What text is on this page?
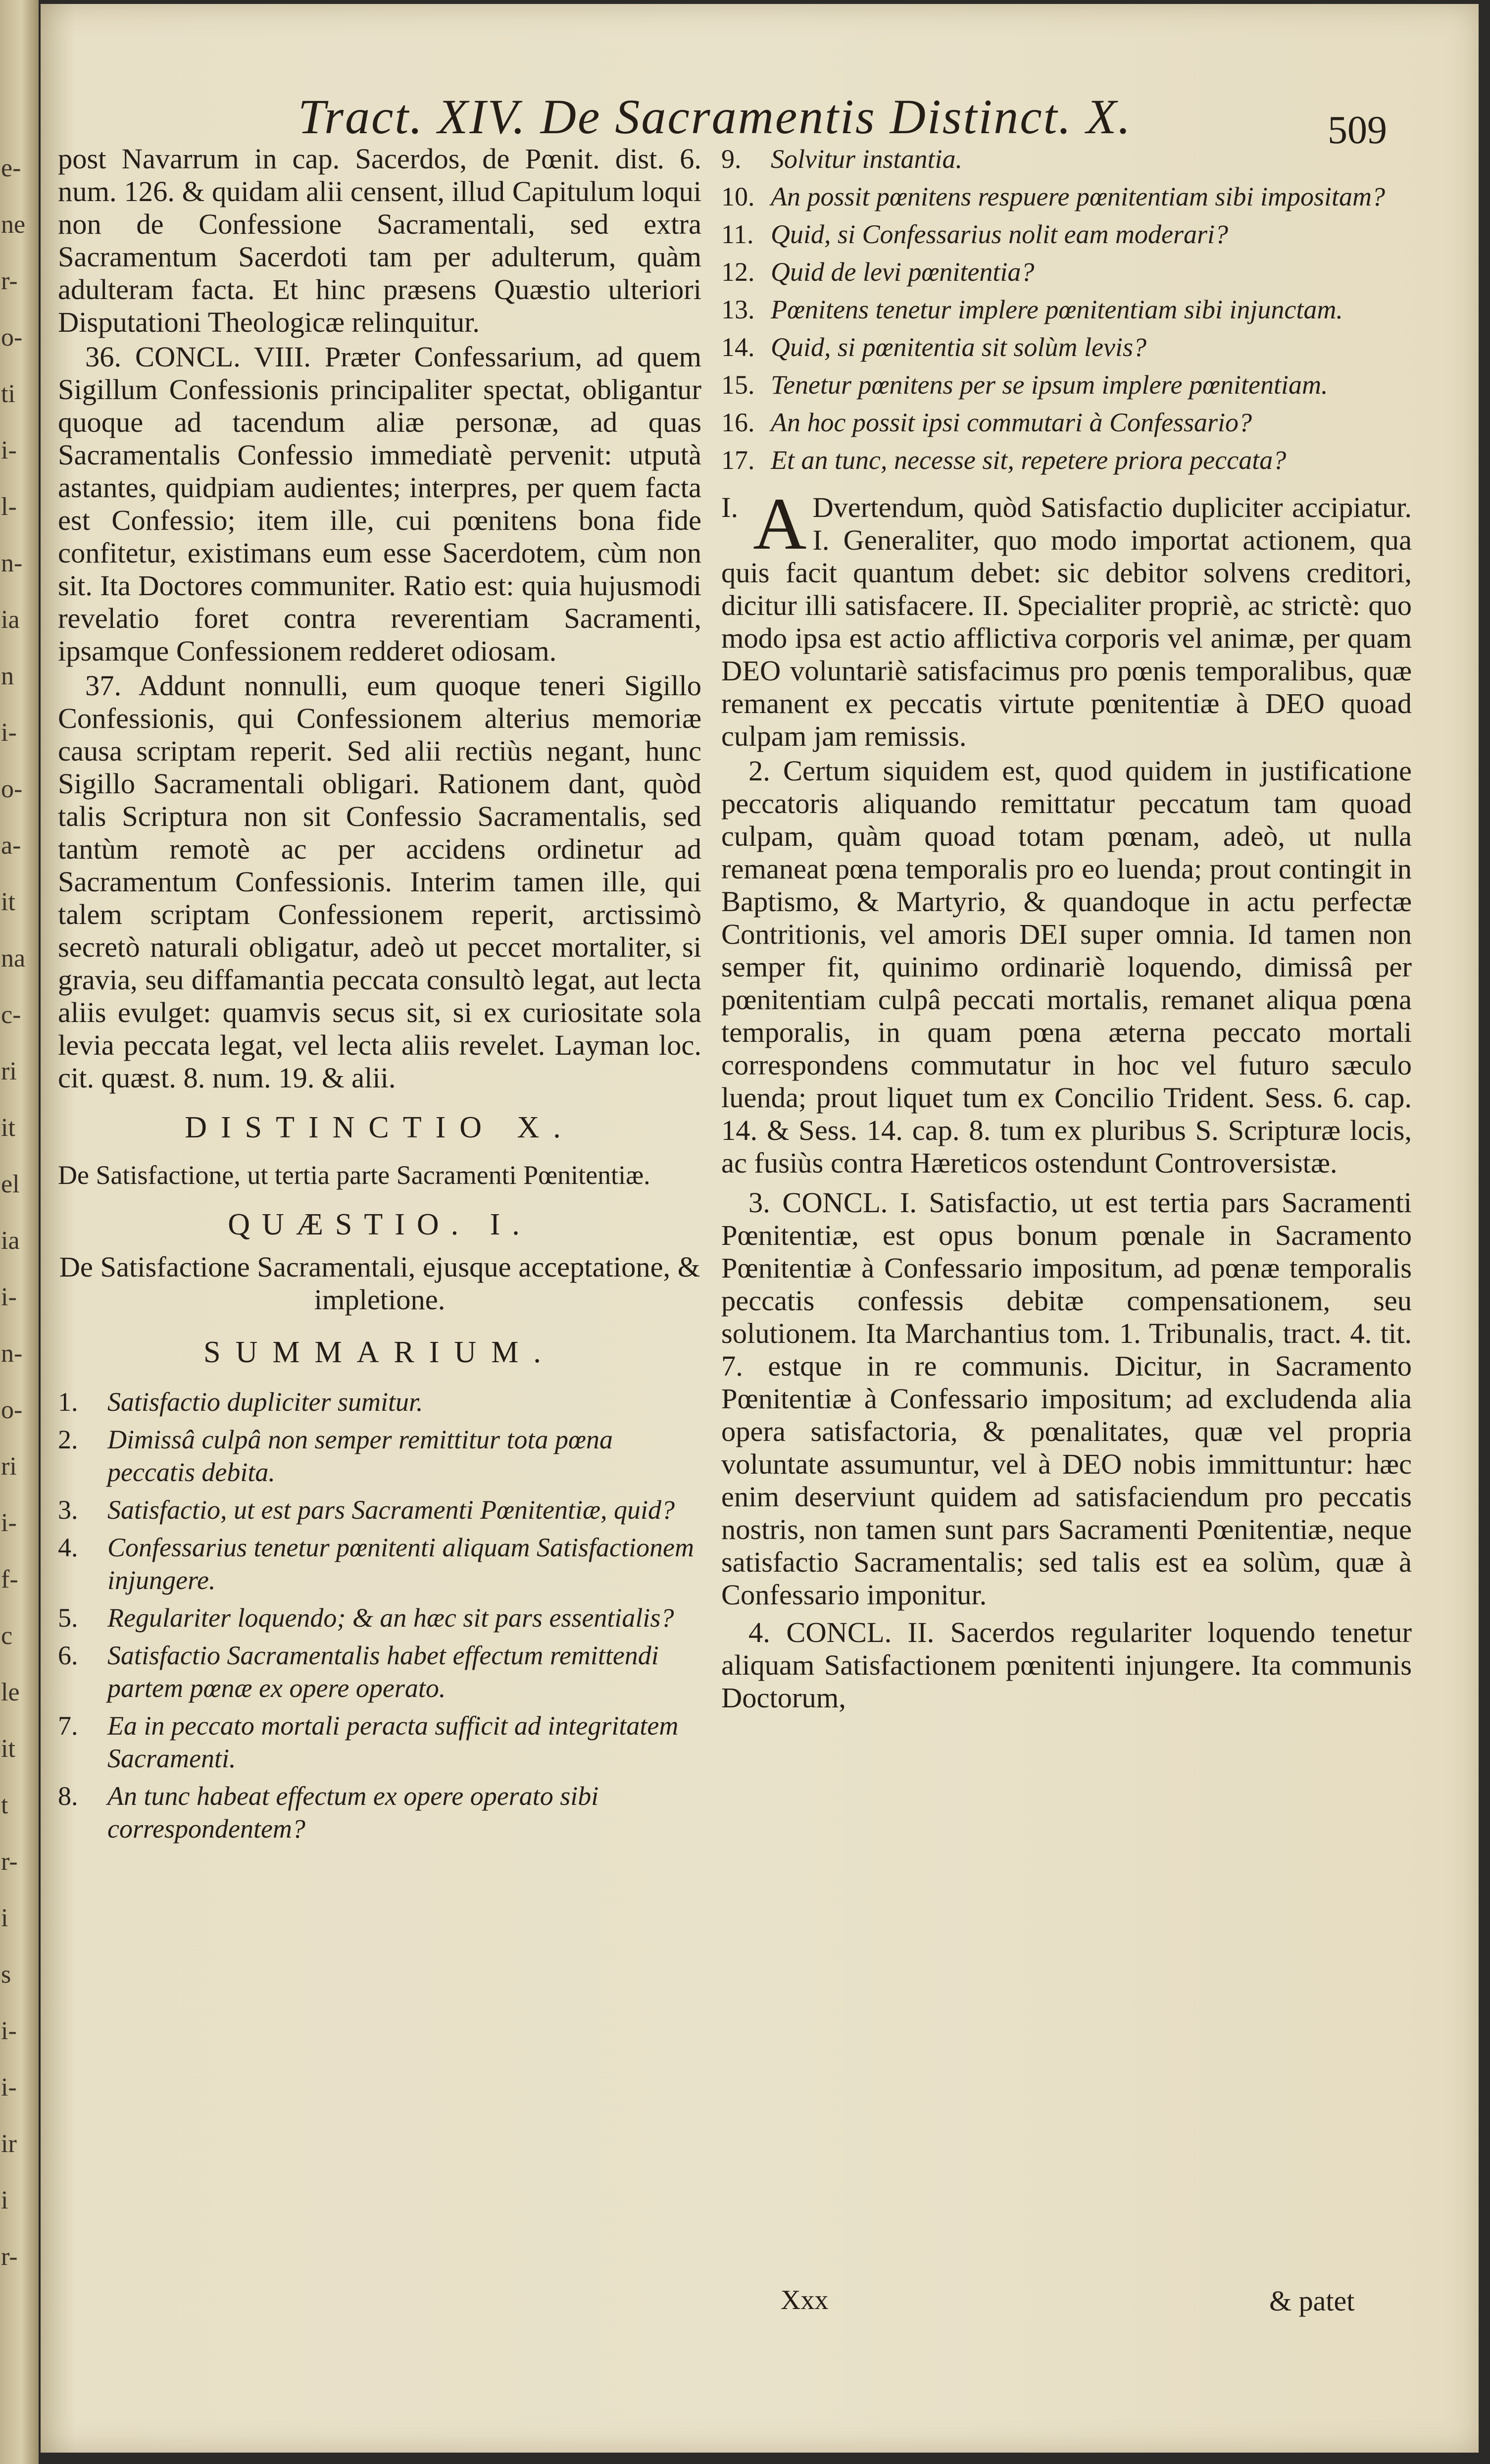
e-
ne
r-
o-
ti
i-
l-
n-
ia
n
i-
o-
a-
it
na
c-
ri
it
el
ia
i-
n-
o-
ri
i-
f-
c
le
it
t
r-
i
s
i-
i-
ir
i
r-
Tract. XIV. De Sacramentis Distinct. X.	509

post Navarrum in cap. Sacerdos, de Pœnit. dist. 6. num. 126. & quidam alii censent, illud Capitulum loqui non de Confessione Sacramentali, sed extra Sacramentum Sacerdoti tam per adulterum, quàm adulteram facta. Et hinc præsens Quæstio ulteriori Disputationi Theologicæ relinquitur.

36. CONCL. VIII. Præter Confessarium, ad quem Sigillum Confessionis principaliter spectat, obligantur quoque ad tacendum aliæ personæ, ad quas Sacramentalis Confessio immediatè pervenit: utputà astantes, quidpiam audientes; interpres, per quem facta est Confessio; item ille, cui pœnitens bona fide confitetur, existimans eum esse Sacerdotem, cùm non sit. Ita Doctores communiter. Ratio est: quia hujusmodi revelatio foret contra reverentiam Sacramenti, ipsamque Confessionem redderet odiosam.

37. Addunt nonnulli, eum quoque teneri Sigillo Confessionis, qui Confessionem alterius memoriæ causa scriptam reperit. Sed alii rectiùs negant, hunc Sigillo Sacramentali obligari. Rationem dant, quòd talis Scriptura non sit Confessio Sacramentalis, sed tantùm remotè ac per accidens ordinetur ad Sacramentum Confessionis. Interim tamen ille, qui talem scriptam Confessionem reperit, arctissimò secretò naturali obligatur, adeò ut peccet mortaliter, si gravia, seu diffamantia peccata consultò legat, aut lecta aliis evulget: quamvis secus sit, si ex curiositate sola levia peccata legat, vel lecta aliis revelet. Layman loc. cit. quæst. 8. num. 19. & alii.

DISTINCTIO X.

De Satisfactione, ut tertia parte Sacramenti Pœnitentiæ.

QUÆSTIO. I.

De Satisfactione Sacramentali, ejusque acceptatione, & impletione.

SUMMARIUM.

1. Satisfactio dupliciter sumitur.

2. Dimissâ culpâ non semper remittitur tota pœna peccatis debita.

3. Satisfactio, ut est pars Sacramenti Pœnitentiæ, quid?

4. Confessarius tenetur pœnitenti aliquam Satisfactionem injungere.

5. Regulariter loquendo; & an hæc sit pars essentialis?

6. Satisfactio Sacramentalis habet effectum remittendi partem pœnæ ex opere operato.

7. Ea in peccato mortali peracta sufficit ad integritatem Sacramenti.

8. An tunc habeat effectum ex opere operato sibi correspondentem?

9. Solvitur instantia.

10. An possit pœnitens respuere pœnitentiam sibi impositam?

11. Quid, si Confessarius nolit eam moderari?

12. Quid de levi pœnitentia?

13. Pœnitens tenetur implere pœnitentiam sibi injunctam.

14. Quid, si pœnitentia sit solùm levis?

15. Tenetur pœnitens per se ipsum implere pœnitentiam.

16. An hoc possit ipsi commutari à Confessario?

17. Et an tunc, necesse sit, repetere priora peccata?

I. A Dvertendum, quòd Satisfactio dupliciter accipiatur. I. Generaliter, quo modo importat actionem, qua quis facit quantum debet: sic debitor solvens creditori, dicitur illi satisfacere. II. Specialiter propriè, ac strictè: quo modo ipsa est actio afflictiva corporis vel animæ, per quam DEO voluntariè satisfacimus pro pœnis temporalibus, quæ remanent ex peccatis virtute pœnitentiæ à DEO quoad culpam jam remissis.

2. Certum siquidem est, quod quidem in justificatione peccatoris aliquando remittatur peccatum tam quoad culpam, quàm quoad totam pœnam, adeò, ut nulla remaneat pœna temporalis pro eo luenda; prout contingit in Baptismo, & Martyrio, & quandoque in actu perfectæ Contritionis, vel amoris DEI super omnia. Id tamen non semper fit, quinimo ordinariè loquendo, dimissâ per pœnitentiam culpâ peccati mortalis, remanet aliqua pœna temporalis, in quam pœna æterna peccato mortali correspondens commutatur in hoc vel futuro sæculo luenda; prout liquet tum ex Concilio Trident. Sess. 6. cap. 14. & Sess. 14. cap. 8. tum ex pluribus S. Scripturæ locis, ac fusiùs contra Hæreticos ostendunt Controversistæ.

3. CONCL. I. Satisfactio, ut est tertia pars Sacramenti Pœnitentiæ, est opus bonum pœnale in Sacramento Pœnitentiæ à Confessario impositum, ad pœnæ temporalis peccatis confessis debitæ compensationem, seu solutionem. Ita Marchantius tom. 1. Tribunalis, tract. 4. tit. 7. estque in re communis. Dicitur, in Sacramento Pœnitentiæ à Confessario impositum; ad excludenda alia opera satisfactoria, & pœnalitates, quæ vel propria voluntate assumuntur, vel à DEO nobis immittuntur: hæc enim deserviunt quidem ad satisfaciendum pro peccatis nostris, non tamen sunt pars Sacramenti Pœnitentiæ, neque satisfactio Sacramentalis; sed talis est ea solùm, quæ à Confessario imponitur.

4. CONCL. II. Sacerdos regulariter loquendo tenetur aliquam Satisfactionem pœnitenti injungere. Ita communis Doctorum,

Xxx	& patet
